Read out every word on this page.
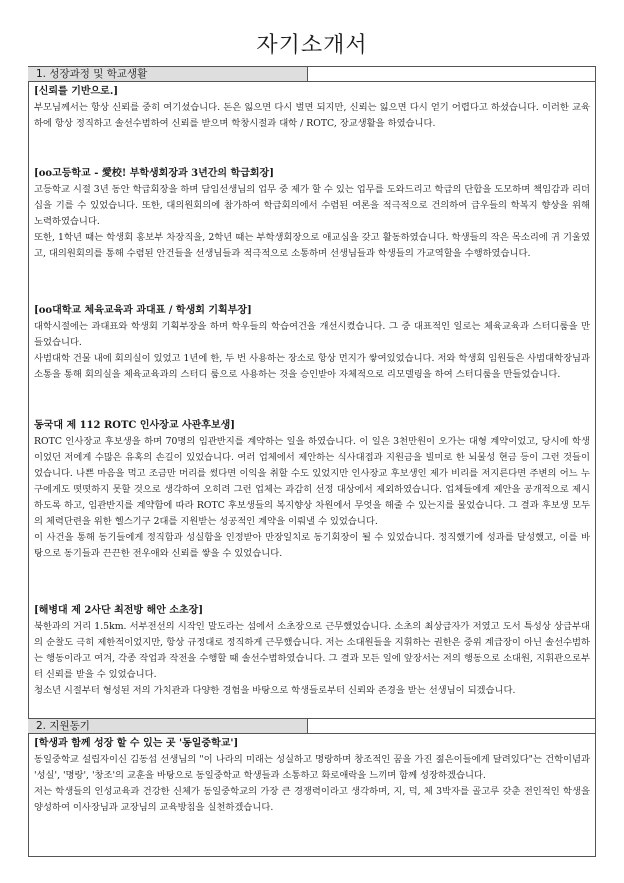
자기소개서
1. 성장과정 및 학교생활
[신뢰를 기반으로.]

부모님께서는 항상 신뢰를 중히 여기셨습니다. 돈은 잃으면 다시 벌면 되지만, 신뢰는 잃으면 다시 얻기 어렵다고 하셨습니다. 이러한 교육 하에 항상 정직하고 솔선수범하여 신뢰를 받으며 학창시절과 대학 / ROTC, 장교생활을 하였습니다.

[oo고등학교 - 愛校! 부학생회장과 3년간의 학급회장]

고등학교 시절 3년 동안 학급회장을 하며 담임선생님의 업무 중 제가 할 수 있는 업무를 도와드리고 학급의 단합을 도모하며 책임감과 리더십을 기를 수 있었습니다. 또한, 대의원회의에 참가하여 학급회의에서 수렴된 여론을 적극적으로 건의하여 급우들의 학복지 향상을 위해 노력하였습니다.

또한, 1학년 때는 학생회 홍보부 차장직을, 2학년 때는 부학생회장으로 애교심을 갖고 활동하였습니다. 학생들의 작은 목소리에 귀 기울였고, 대의원회의를 통해 수렴된 안건들을 선생님들과 적극적으로 소통하며 선생님들과 학생들의 가교역할을 수행하였습니다.

[oo대학교 체육교육과 과대표 / 학생회 기획부장]

대학시절에는 과대표와 학생회 기획부장을 하며 학우들의 학습여건을 개선시켰습니다. 그 중 대표적인 일로는 체육교육과 스터디룸을 만들었습니다.

사범대학 건물 내에 회의실이 있었고 1년에 한, 두 번 사용하는 장소로 항상 먼지가 쌓여있었습니다. 저와 학생회 임원들은 사범대학장님과 소통을 통해 회의실을 체육교육과의 스터디 룸으로 사용하는 것을 승인받아 자체적으로 리모델링을 하여 스터디룸을 만들었습니다.

동국대 제 112 ROTC 인사장교 사관후보생]

ROTC 인사장교 후보생을 하며 70명의 임관반지를 계약하는 일을 하였습니다. 이 일은 3천만원이 오가는 대형 계약이었고, 당시에 학생이었던 저에게 수많은 유혹의 손길이 있었습니다. 여러 업체에서 제안하는 식사대접과 지원금을 빌미로 한 뇌물성 현금 등이 그런 것들이었습니다. 나쁜 마음을 먹고 조금만 머리를 썼다면 이익을 취할 수도 있었지만 인사장교 후보생인 제가 비리를 저지른다면 주변의 어느 누구에게도 떳떳하지 못할 것으로 생각하여 오히려 그런 업체는 과감히 선정 대상에서 제외하였습니다. 업체들에게 제안을 공개적으로 제시하도록 하고, 임관반지를 계약함에 따라 ROTC 후보생들의 복지향상 차원에서 무엇을 해줄 수 있는지를 물었습니다. 그 결과 후보생 모두의 체력단련을 위한 헬스기구 2대를 지원받는 성공적인 계약을 이뤄낼 수 있었습니다.

이 사건을 통해 동기들에게 정직함과 성실함을 인정받아 만장일치로 동기회장이 될 수 있었습니다. 정직했기에 성과를 달성했고, 이를 바탕으로 동기들과 끈끈한 전우애와 신뢰를 쌓을 수 있었습니다.

[해병대 제 2사단 최전방 해안 소초장]

북한과의 거리 1.5km. 서부전선의 시작인 말도라는 섬에서 소초장으로 근무했었습니다. 소초의 최상급자가 저였고 도서 특성상 상급부대의 순찰도 극히 제한적이었지만, 항상 규정대로 정직하게 근무했습니다. 저는 소대원들을 지휘하는 권한은 중위 계급장이 아닌 솔선수범하는 행동이라고 여겨, 각종 작업과 작전을 수행할 때 솔선수범하였습니다. 그 결과 모든 일에 앞장서는 저의 행동으로 소대원, 지휘관으로부터 신뢰를 받을 수 있었습니다.

청소년 시절부터 형성된 저의 가치관과 다양한 경험을 바탕으로 학생들로부터 신뢰와 존경을 받는 선생님이 되겠습니다.

2. 지원동기
[학생과 함께 성장 할 수 있는 곳 '동일중학교']

동일중학교 설립자이신 김동섭 선생님의 "이 나라의 미래는 성실하고 명랑하며 창조적인 꿈을 가진 젊은이들에게 달려있다"는 건학이념과 '성실', '명랑', '창조'의 교훈을 바탕으로 동일중학교 학생들과 소통하고 화로애락을 느끼며 함께 성장하겠습니다.

저는 학생들의 인성교육과 건강한 신체가 동일중학교의 가장 큰 경쟁력이라고 생각하며, 지, 덕, 체 3박자를 골고루 갖춘 전인적인 학생을 양성하여 이사장님과 교장님의 교육방침을 실천하겠습니다.
